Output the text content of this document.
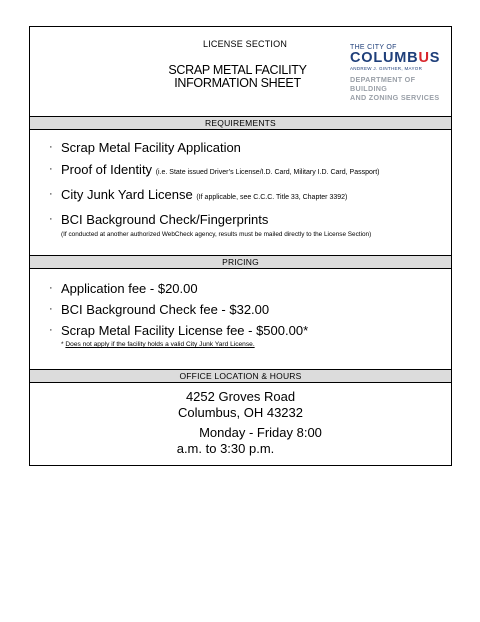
LICENSE SECTION
SCRAP METAL FACILITY
INFORMATION SHEET
THE CITY OF
COLUMBUS
ANDREW J. GINTHER, MAYOR
DEPARTMENT OF BUILDING
AND ZONING SERVICES
REQUIREMENTS
· Scrap Metal Facility Application
· Proof of Identity (i.e. State issued Driver’s License/I.D. Card, Military I.D. Card, Passport)
· City Junk Yard License (If applicable, see C.C.C. Title 33, Chapter 3392)
· BCI Background Check/Fingerprints
(If conducted at another authorized WebCheck agency, results must be mailed directly to the License Section)
PRICING
· Application fee - $20.00
· BCI Background Check fee - $32.00
· Scrap Metal Facility License fee - $500.00*
* Does not apply if the facility holds a valid City Junk Yard License.
OFFICE LOCATION & HOURS
4252 Groves Road
Columbus, OH 43232
Monday - Friday 8:00
a.m. to 3:30 p.m.
